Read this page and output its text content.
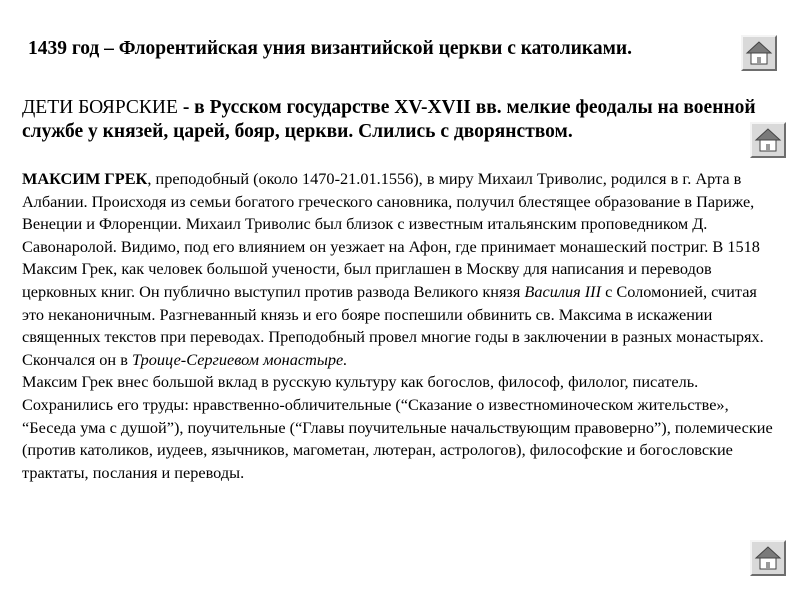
1439 год – Флорентийская уния византийской церкви с католиками.
ДЕТИ БОЯРСКИЕ - в Русском государстве XV-XVII вв. мелкие феодалы на военной службе у князей, царей, бояр, церкви. Слились с дворянством.
МАКСИМ ГРЕК, преподобный (около 1470-21.01.1556), в миру Михаил Триволис, родился в г. Арта в Албании. Происходя из семьи богатого греческого сановника, получил блестящее образование в Париже, Венеции и Флоренции. Михаил Триволис был близок с известным итальянским проповедником Д. Савонаролой. Видимо, под его влиянием он уезжает на Афон, где принимает монашеский постриг. В 1518 Максим Грек, как человек большой учености, был приглашен в Москву для написания и переводов церковных книг. Он публично выступил против развода Великого князя Василия III с Соломонией, считая это неканоничным. Разгневанный князь и его бояре поспешили обвинить св. Максима в искажении священных текстов при переводах. Преподобный провел многие годы в заключении в разных монастырях. Скончался он в Троице-Сергиевом монастыре.
Максим Грек внес большой вклад в русскую культуру как богослов, философ, филолог, писатель. Сохранились его труды: нравственно-обличительные (“Сказание о известноминоческом жительстве», “Беседа ума с душой”), поучительные (“Главы поучительные начальствующим правоверно”), полемические (против католиков, иудеев, язычников, магометан, лютеран, астрологов), философские и богословские трактаты, послания и переводы.
